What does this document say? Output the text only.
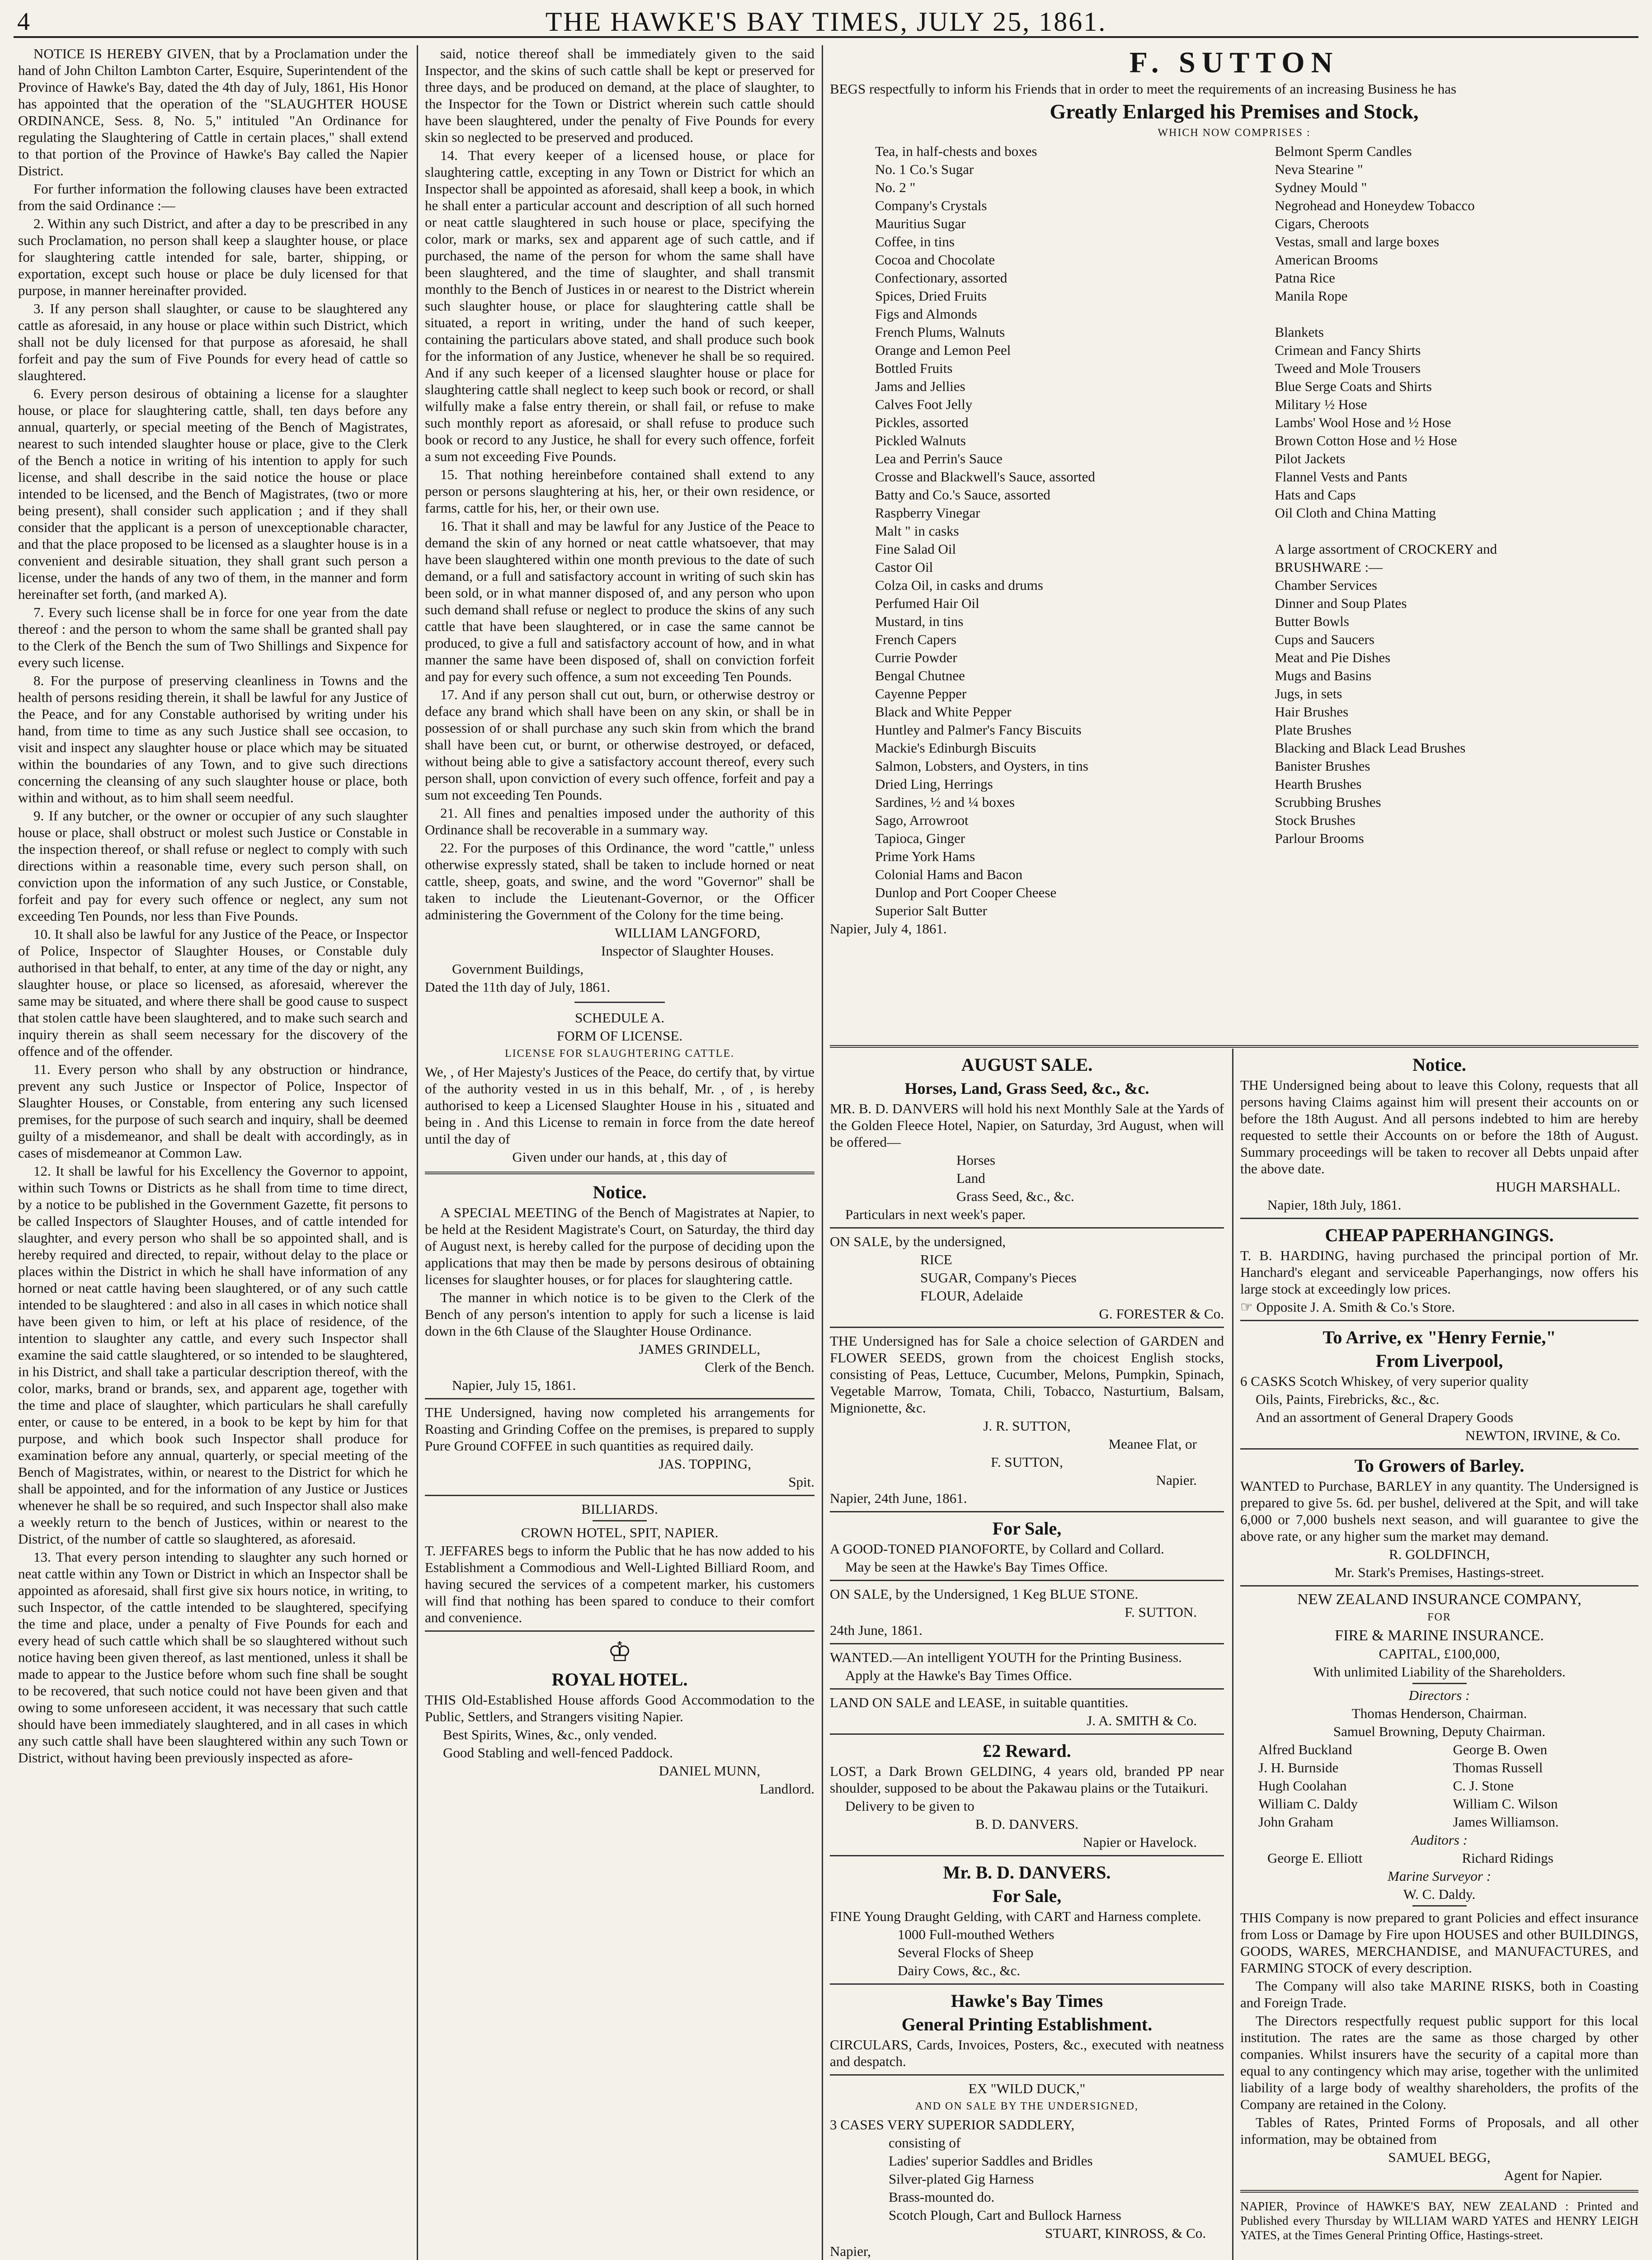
4	THE HAWKE'S BAY TIMES, JULY 25, 1861.

NOTICE IS HEREBY GIVEN, that by a Proclamation under the hand of John Chilton Lambton Carter, Esquire, Superintendent of the Province of Hawke's Bay, dated the 4th day of July, 1861, His Honor has appointed that the operation of the "SLAUGHTER HOUSE ORDINANCE, Sess. 8, No. 5," intituled "An Ordinance for regulating the Slaughtering of Cattle in certain places," shall extend to that portion of the Province of Hawke's Bay called the Napier District.

For further information the following clauses have been extracted from the said Ordinance :—

2. Within any such District, and after a day to be prescribed in any such Proclamation, no person shall keep a slaughter house, or place for slaughtering cattle intended for sale, barter, shipping, or exportation, except such house or place be duly licensed for that purpose, in manner hereinafter provided.

3. If any person shall slaughter, or cause to be slaughtered any cattle as aforesaid, in any house or place within such District, which shall not be duly licensed for that purpose as aforesaid, he shall forfeit and pay the sum of Five Pounds for every head of cattle so slaughtered.

6. Every person desirous of obtaining a license for a slaughter house, or place for slaughtering cattle, shall, ten days before any annual, quarterly, or special meeting of the Bench of Magistrates, nearest to such intended slaughter house or place, give to the Clerk of the Bench a notice in writing of his intention to apply for such license, and shall describe in the said notice the house or place intended to be licensed, and the Bench of Magistrates, (two or more being present), shall consider such application ; and if they shall consider that the applicant is a person of unexceptionable character, and that the place proposed to be licensed as a slaughter house is in a convenient and desirable situation, they shall grant such person a license, under the hands of any two of them, in the manner and form hereinafter set forth, (and marked A).

7. Every such license shall be in force for one year from the date thereof : and the person to whom the same shall be granted shall pay to the Clerk of the Bench the sum of Two Shillings and Sixpence for every such license.

8. For the purpose of preserving cleanliness in Towns and the health of persons residing therein, it shall be lawful for any Justice of the Peace, and for any Constable authorised by writing under his hand, from time to time as any such Justice shall see occasion, to visit and inspect any slaughter house or place which may be situated within the boundaries of any Town, and to give such directions concerning the cleansing of any such slaughter house or place, both within and without, as to him shall seem needful.

9. If any butcher, or the owner or occupier of any such slaughter house or place, shall obstruct or molest such Justice or Constable in the inspection thereof, or shall refuse or neglect to comply with such directions within a reasonable time, every such person shall, on conviction upon the information of any such Justice, or Constable, forfeit and pay for every such offence or neglect, any sum not exceeding Ten Pounds, nor less than Five Pounds.

10. It shall also be lawful for any Justice of the Peace, or Inspector of Police, Inspector of Slaughter Houses, or Constable duly authorised in that behalf, to enter, at any time of the day or night, any slaughter house, or place so licensed, as aforesaid, wherever the same may be situated, and where there shall be good cause to suspect that stolen cattle have been slaughtered, and to make such search and inquiry therein as shall seem necessary for the discovery of the offence and of the offender.

11. Every person who shall by any obstruction or hindrance, prevent any such Justice or Inspector of Police, Inspector of Slaughter Houses, or Constable, from entering any such licensed premises, for the purpose of such search and inquiry, shall be deemed guilty of a misdemeanor, and shall be dealt with accordingly, as in cases of misdemeanor at Common Law.

12. It shall be lawful for his Excellency the Governor to appoint, within such Towns or Districts as he shall from time to time direct, by a notice to be published in the Government Gazette, fit persons to be called Inspectors of Slaughter Houses, and of cattle intended for slaughter, and every person who shall be so appointed shall, and is hereby required and directed, to repair, without delay to the place or places within the District in which he shall have information of any horned or neat cattle having been slaughtered, or of any such cattle intended to be slaughtered : and also in all cases in which notice shall have been given to him, or left at his place of residence, of the intention to slaughter any cattle, and every such Inspector shall examine the said cattle slaughtered, or so intended to be slaughtered, in his District, and shall take a particular description thereof, with the color, marks, brand or brands, sex, and apparent age, together with the time and place of slaughter, which particulars he shall carefully enter, or cause to be entered, in a book to be kept by him for that purpose, and which book such Inspector shall produce for examination before any annual, quarterly, or special meeting of the Bench of Magistrates, within, or nearest to the District for which he shall be appointed, and for the information of any Justice or Justices whenever he shall be so required, and such Inspector shall also make a weekly return to the bench of Justices, within or nearest to the District, of the number of cattle so slaughtered, as aforesaid.

13. That every person intending to slaughter any such horned or neat cattle within any Town or District in which an Inspector shall be appointed as aforesaid, shall first give six hours notice, in writing, to such Inspector, of the cattle intended to be slaughtered, specifying the time and place, under a penalty of Five Pounds for each and every head of such cattle which shall be so slaughtered without such notice having been given thereof, as last mentioned, unless it shall be made to appear to the Justice before whom such fine shall be sought to be recovered, that such notice could not have been given and that owing to some unforeseen accident, it was necessary that such cattle should have been immediately slaughtered, and in all cases in which any such cattle shall have been slaughtered within any such Town or District, without having been previously inspected as afore-

said, notice thereof shall be immediately given to the said Inspector, and the skins of such cattle shall be kept or preserved for three days, and be produced on demand, at the place of slaughter, to the Inspector for the Town or District wherein such cattle should have been slaughtered, under the penalty of Five Pounds for every skin so neglected to be preserved and produced.

14. That every keeper of a licensed house, or place for slaughtering cattle, excepting in any Town or District for which an Inspector shall be appointed as aforesaid, shall keep a book, in which he shall enter a particular account and description of all such horned or neat cattle slaughtered in such house or place, specifying the color, mark or marks, sex and apparent age of such cattle, and if purchased, the name of the person for whom the same shall have been slaughtered, and the time of slaughter, and shall transmit monthly to the Bench of Justices in or nearest to the District wherein such slaughter house, or place for slaughtering cattle shall be situated, a report in writing, under the hand of such keeper, containing the particulars above stated, and shall produce such book for the information of any Justice, whenever he shall be so required. And if any such keeper of a licensed slaughter house or place for slaughtering cattle shall neglect to keep such book or record, or shall wilfully make a false entry therein, or shall fail, or refuse to make such monthly report as aforesaid, or shall refuse to produce such book or record to any Justice, he shall for every such offence, forfeit a sum not exceeding Five Pounds.

15. That nothing hereinbefore contained shall extend to any person or persons slaughtering at his, her, or their own residence, or farms, cattle for his, her, or their own use.

16. That it shall and may be lawful for any Justice of the Peace to demand the skin of any horned or neat cattle whatsoever, that may have been slaughtered within one month previous to the date of such demand, or a full and satisfactory account in writing of such skin has been sold, or in what manner disposed of, and any person who upon such demand shall refuse or neglect to produce the skins of any such cattle that have been slaughtered, or in case the same cannot be produced, to give a full and satisfactory account of how, and in what manner the same have been disposed of, shall on conviction forfeit and pay for every such offence, a sum not exceeding Ten Pounds.

17. And if any person shall cut out, burn, or otherwise destroy or deface any brand which shall have been on any skin, or shall be in possession of or shall purchase any such skin from which the brand shall have been cut, or burnt, or otherwise destroyed, or defaced, without being able to give a satisfactory account thereof, every such person shall, upon conviction of every such offence, forfeit and pay a sum not exceeding Ten Pounds.

21. All fines and penalties imposed under the authority of this Ordinance shall be recoverable in a summary way.

22. For the purposes of this Ordinance, the word "cattle," unless otherwise expressly stated, shall be taken to include horned or neat cattle, sheep, goats, and swine, and the word "Governor" shall be taken to include the Lieutenant-Governor, or the Officer administering the Government of the Colony for the time being.

WILLIAM LANGFORD,

Inspector of Slaughter Houses.

Government Buildings,

Dated the 11th day of July, 1861.

SCHEDULE A.

FORM OF LICENSE.

LICENSE FOR SLAUGHTERING CATTLE.

We, , of Her Majesty's Justices of the Peace, do certify that, by virtue of the authority vested in us in this behalf, Mr. , of , is hereby authorised to keep a Licensed Slaughter House in his , situated and being in . And this License to remain in force from the date hereof until the day of

Given under our hands, at , this day of

Notice.

A SPECIAL MEETING of the Bench of Magistrates at Napier, to be held at the Resident Magistrate's Court, on Saturday, the third day of August next, is hereby called for the purpose of deciding upon the applications that may then be made by persons desirous of obtaining licenses for slaughter houses, or for places for slaughtering cattle.

The manner in which notice is to be given to the Clerk of the Bench of any person's intention to apply for such a license is laid down in the 6th Clause of the Slaughter House Ordinance.

JAMES GRINDELL,

Clerk of the Bench.

Napier, July 15, 1861.

THE Undersigned, having now completed his arrangements for Roasting and Grinding Coffee on the premises, is prepared to supply Pure Ground COFFEE in such quantities as required daily.

JAS. TOPPING,

Spit.

BILLIARDS.

CROWN HOTEL, SPIT, NAPIER.

T. JEFFARES begs to inform the Public that he has now added to his Establishment a Commodious and Well-Lighted Billiard Room, and having secured the services of a competent marker, his customers will find that nothing has been spared to conduce to their comfort and convenience.

♔
ROYAL HOTEL.

THIS Old-Established House affords Good Accommodation to the Public, Settlers, and Strangers visiting Napier.

Best Spirits, Wines, &c., only vended.

Good Stabling and well-fenced Paddock.

DANIEL MUNN,

Landlord.

F. SUTTON

BEGS respectfully to inform his Friends that in order to meet the requirements of an increasing Business he has

Greatly Enlarged his Premises and Stock,

WHICH NOW COMPRISES :

Tea, in half-chests and boxes

No. 1 Co.'s Sugar

No. 2 "

Company's Crystals

Mauritius Sugar

Coffee, in tins

Cocoa and Chocolate

Confectionary, assorted

Spices, Dried Fruits

Figs and Almonds

French Plums, Walnuts

Orange and Lemon Peel

Bottled Fruits

Jams and Jellies

Calves Foot Jelly

Pickles, assorted

Pickled Walnuts

Lea and Perrin's Sauce

Crosse and Blackwell's Sauce, assorted

Batty and Co.'s Sauce, assorted

Raspberry Vinegar

Malt " in casks

Fine Salad Oil

Castor Oil

Colza Oil, in casks and drums

Perfumed Hair Oil

Mustard, in tins

French Capers

Currie Powder

Bengal Chutnee

Cayenne Pepper

Black and White Pepper

Huntley and Palmer's Fancy Biscuits

Mackie's Edinburgh Biscuits

Salmon, Lobsters, and Oysters, in tins

Dried Ling, Herrings

Sardines, ½ and ¼ boxes

Sago, Arrowroot

Tapioca, Ginger

Prime York Hams

Colonial Hams and Bacon

Dunlop and Port Cooper Cheese

Superior Salt Butter

Belmont Sperm Candles

Neva Stearine "

Sydney Mould "

Negrohead and Honeydew Tobacco

Cigars, Cheroots

Vestas, small and large boxes

American Brooms

Patna Rice

Manila Rope

Blankets

Crimean and Fancy Shirts

Tweed and Mole Trousers

Blue Serge Coats and Shirts

Military ½ Hose

Lambs' Wool Hose and ½ Hose

Brown Cotton Hose and ½ Hose

Pilot Jackets

Flannel Vests and Pants

Hats and Caps

Oil Cloth and China Matting

A large assortment of CROCKERY and

BRUSHWARE :—

Chamber Services

Dinner and Soup Plates

Butter Bowls

Cups and Saucers

Meat and Pie Dishes

Mugs and Basins

Jugs, in sets

Hair Brushes

Plate Brushes

Blacking and Black Lead Brushes

Banister Brushes

Hearth Brushes

Scrubbing Brushes

Stock Brushes

Parlour Brooms

Napier, July 4, 1861.

AUGUST SALE.
Horses, Land, Grass Seed, &c., &c.

MR. B. D. DANVERS will hold his next Monthly Sale at the Yards of the Golden Fleece Hotel, Napier, on Saturday, 3rd August, when will be offered—

Horses

Land

Grass Seed, &c., &c.

Particulars in next week's paper.

ON SALE, by the undersigned,

RICE

SUGAR, Company's Pieces

FLOUR, Adelaide

G. FORESTER & Co.

THE Undersigned has for Sale a choice selection of GARDEN and FLOWER SEEDS, grown from the choicest English stocks, consisting of Peas, Lettuce, Cucumber, Melons, Pumpkin, Spinach, Vegetable Marrow, Tomata, Chili, Tobacco, Nasturtium, Balsam, Mignionette, &c.

J. R. SUTTON,

Meanee Flat, or

F. SUTTON,

Napier.

Napier, 24th June, 1861.

For Sale,

A GOOD-TONED PIANOFORTE, by Collard and Collard.

May be seen at the Hawke's Bay Times Office.

ON SALE, by the Undersigned, 1 Keg BLUE STONE.

F. SUTTON.

24th June, 1861.

WANTED.—An intelligent YOUTH for the Printing Business.

Apply at the Hawke's Bay Times Office.

LAND ON SALE and LEASE, in suitable quantities.

J. A. SMITH & Co.

£2 Reward.

LOST, a Dark Brown GELDING, 4 years old, branded PP near shoulder, supposed to be about the Pakawau plains or the Tutaikuri.

Delivery to be given to

B. D. DANVERS.

Napier or Havelock.

Mr. B. D. DANVERS.
For Sale,

FINE Young Draught Gelding, with CART and Harness complete.

1000 Full-mouthed Wethers

Several Flocks of Sheep

Dairy Cows, &c., &c.

Hawke's Bay Times
General Printing Establishment.

CIRCULARS, Cards, Invoices, Posters, &c., executed with neatness and despatch.

EX "WILD DUCK,"

AND ON SALE BY THE UNDERSIGNED,

3 CASES VERY SUPERIOR SADDLERY,

consisting of

Ladies' superior Saddles and Bridles

Silver-plated Gig Harness

Brass-mounted do.

Scotch Plough, Cart and Bullock Harness

STUART, KINROSS, & Co.

Napier,

Notice.

THE Undersigned being about to leave this Colony, requests that all persons having Claims against him will present their accounts on or before the 18th August. And all persons indebted to him are hereby requested to settle their Accounts on or before the 18th of August. Summary proceedings will be taken to recover all Debts unpaid after the above date.

HUGH MARSHALL.

Napier, 18th July, 1861.

CHEAP PAPERHANGINGS.

T. B. HARDING, having purchased the principal portion of Mr. Hanchard's elegant and serviceable Paperhangings, now offers his large stock at exceedingly low prices.

☞ Opposite J. A. Smith & Co.'s Store.

To Arrive, ex "Henry Fernie,"
From Liverpool,

6 CASKS Scotch Whiskey, of very superior quality

Oils, Paints, Firebricks, &c., &c.

And an assortment of General Drapery Goods

NEWTON, IRVINE, & Co.

To Growers of Barley.

WANTED to Purchase, BARLEY in any quantity. The Undersigned is prepared to give 5s. 6d. per bushel, delivered at the Spit, and will take 6,000 or 7,000 bushels next season, and will guarantee to give the above rate, or any higher sum the market may demand.

R. GOLDFINCH,

Mr. Stark's Premises, Hastings-street.

NEW ZEALAND INSURANCE COMPANY,

FOR

FIRE & MARINE INSURANCE.

CAPITAL, £100,000,

With unlimited Liability of the Shareholders.

Directors :

Thomas Henderson, Chairman.

Samuel Browning, Deputy Chairman.

Alfred Buckland

J. H. Burnside

Hugh Coolahan

William C. Daldy

John Graham

George B. Owen

Thomas Russell

C. J. Stone

William C. Wilson

James Williamson.

Auditors :

George E. Elliott	Richard Ridings

Marine Surveyor :

W. C. Daldy.

THIS Company is now prepared to grant Policies and effect insurance from Loss or Damage by Fire upon HOUSES and other BUILDINGS, GOODS, WARES, MERCHANDISE, and MANUFACTURES, and FARMING STOCK of every description.

The Company will also take MARINE RISKS, both in Coasting and Foreign Trade.

The Directors respectfully request public support for this local institution. The rates are the same as those charged by other companies. Whilst insurers have the security of a capital more than equal to any contingency which may arise, together with the unlimited liability of a large body of wealthy shareholders, the profits of the Company are retained in the Colony.

Tables of Rates, Printed Forms of Proposals, and all other information, may be obtained from

SAMUEL BEGG,

Agent for Napier.

NAPIER, Province of HAWKE'S BAY, NEW ZEALAND : Printed and Published every Thursday by WILLIAM WARD YATES and HENRY LEIGH YATES, at the Times General Printing Office, Hastings-street.
